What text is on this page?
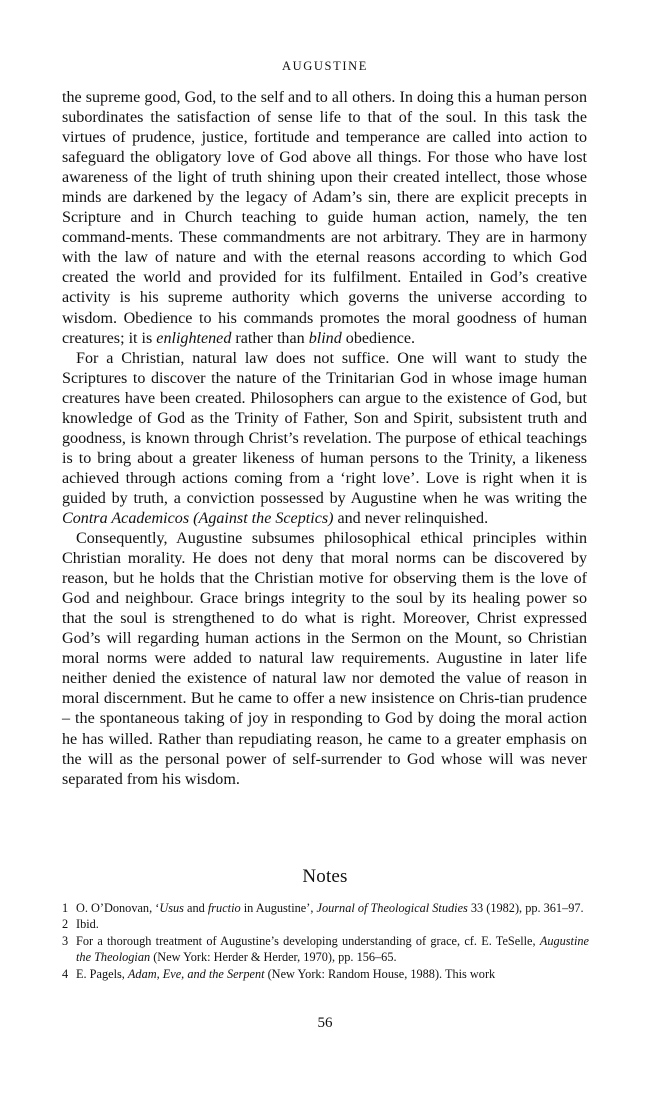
AUGUSTINE

the supreme good, God, to the self and to all others. In doing this a human person subordinates the satisfaction of sense life to that of the soul. In this task the virtues of prudence, justice, fortitude and temperance are called into action to safeguard the obligatory love of God above all things. For those who have lost awareness of the light of truth shining upon their created intellect, those whose minds are darkened by the legacy of Adam’s sin, there are explicit precepts in Scripture and in Church teaching to guide human action, namely, the ten command-ments. These commandments are not arbitrary. They are in harmony with the law of nature and with the eternal reasons according to which God created the world and provided for its fulfilment. Entailed in God’s creative activity is his supreme authority which governs the universe according to wisdom. Obedience to his commands promotes the moral goodness of human creatures; it is enlightened rather than blind obedience.

For a Christian, natural law does not suffice. One will want to study the Scriptures to discover the nature of the Trinitarian God in whose image human creatures have been created. Philosophers can argue to the existence of God, but knowledge of God as the Trinity of Father, Son and Spirit, subsistent truth and goodness, is known through Christ’s revelation. The purpose of ethical teachings is to bring about a greater likeness of human persons to the Trinity, a likeness achieved through actions coming from a ‘right love’. Love is right when it is guided by truth, a conviction possessed by Augustine when he was writing the Contra Academicos (Against the Sceptics) and never relinquished.

Consequently, Augustine subsumes philosophical ethical principles within Christian morality. He does not deny that moral norms can be discovered by reason, but he holds that the Christian motive for observing them is the love of God and neighbour. Grace brings integrity to the soul by its healing power so that the soul is strengthened to do what is right. Moreover, Christ expressed God’s will regarding human actions in the Sermon on the Mount, so Christian moral norms were added to natural law requirements. Augustine in later life neither denied the existence of natural law nor demoted the value of reason in moral discernment. But he came to offer a new insistence on Chris-tian prudence – the spontaneous taking of joy in responding to God by doing the moral action he has willed. Rather than repudiating reason, he came to a greater emphasis on the will as the personal power of self-surrender to God whose will was never separated from his wisdom.

Notes
1 O. O’Donovan, ‘Usus and fructio in Augustine’, Journal of Theological Studies 33 (1982), pp. 361–97.
2 Ibid.
3 For a thorough treatment of Augustine’s developing understanding of grace, cf. E. TeSelle, Augustine the Theologian (New York: Herder & Herder, 1970), pp. 156–65.
4 E. Pagels, Adam, Eve, and the Serpent (New York: Random House, 1988). This work
56
